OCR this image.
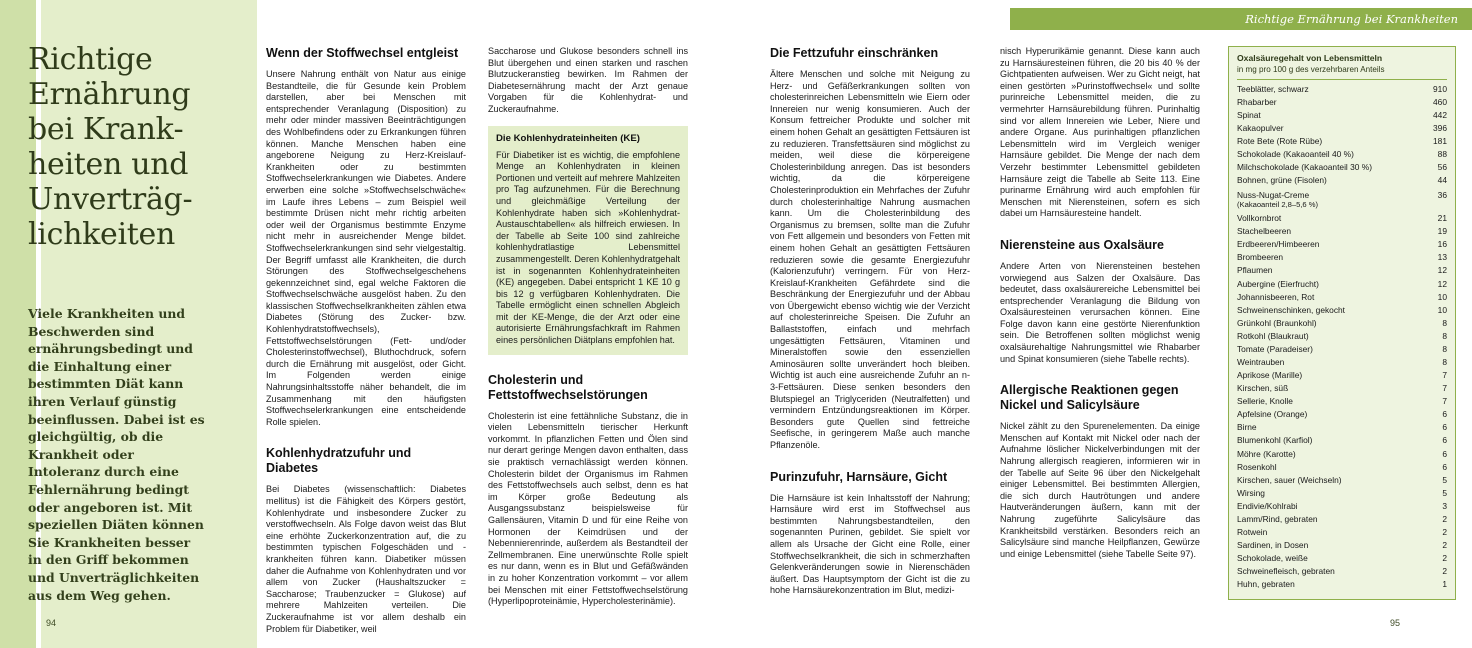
Richtige Ernährung bei Krankheiten
Richtige Ernährung bei Krankheiten und Unverträglichkeiten
Viele Krankheiten und Beschwerden sind ernährungsbedingt und die Einhaltung einer bestimmten Diät kann ihren Verlauf günstig beeinflussen. Dabei ist es gleichgültig, ob die Krankheit oder Intoleranz durch eine Fehlernährung bedingt oder angeboren ist. Mit speziellen Diäten können Sie Krankheiten besser in den Griff bekommen und Unverträglichkeiten aus dem Weg gehen.
94	95
Wenn der Stoffwechsel entgleist

Unsere Nahrung enthält von Natur aus einige Bestandteile, die für Gesunde kein Problem darstellen, aber bei Menschen mit entsprechender Veranlagung (Disposition) zu mehr oder minder massiven Beeinträchtigungen des Wohlbefindens oder zu Erkrankungen führen können. Manche Menschen haben eine angeborene Neigung zu Herz-Kreislauf-Krankheiten oder zu bestimmten Stoffwechselerkrankungen wie Diabetes. Andere erwerben eine solche »Stoffwechselschwäche« im Laufe ihres Lebens – zum Beispiel weil bestimmte Drüsen nicht mehr richtig arbeiten oder weil der Organismus bestimmte Enzyme nicht mehr in ausreichender Menge bildet. Stoffwechselerkrankungen sind sehr vielgestaltig. Der Begriff umfasst alle Krankheiten, die durch Störungen des Stoffwechselgeschehens gekennzeichnet sind, egal welche Faktoren die Stoffwechselschwäche ausgelöst haben. Zu den klassischen Stoffwechselkrankheiten zählen etwa Diabetes (Störung des Zucker- bzw. Kohlenhydratstoffwechsels), Fettstoffwechselstörungen (Fett- und/oder Cholesterinstoffwechsel), Bluthochdruck, sofern durch die Ernährung mit ausgelöst, oder Gicht. Im Folgenden werden einige Nahrungsinhaltsstoffe näher behandelt, die im Zusammenhang mit den häufigsten Stoffwechselerkrankungen eine entscheidende Rolle spielen.

Kohlenhydratzufuhr und Diabetes

Bei Diabetes (wissenschaftlich: Diabetes mellitus) ist die Fähigkeit des Körpers gestört, Kohlenhydrate und insbesondere Zucker zu verstoffwechseln. Als Folge davon weist das Blut eine erhöhte Zuckerkonzentration auf, die zu bestimmten typischen Folgeschäden und -krankheiten führen kann. Diabetiker müssen daher die Aufnahme von Kohlenhydraten und vor allem von Zucker (Haushaltszucker = Saccharose; Traubenzucker = Glukose) auf mehrere Mahlzeiten verteilen. Die Zuckeraufnahme ist vor allem deshalb ein Problem für Diabetiker, weil

Saccharose und Glukose besonders schnell ins Blut übergehen und einen starken und raschen Blutzuckeranstieg bewirken. Im Rahmen der Diabetesernährung macht der Arzt genaue Vorgaben für die Kohlenhydrat- und Zuckeraufnahme.

Die Kohlenhydrateinheiten (KE)

Für Diabetiker ist es wichtig, die empfohlene Menge an Kohlenhydraten in kleinen Portionen und verteilt auf mehrere Mahlzeiten pro Tag aufzunehmen. Für die Berechnung und gleichmäßige Verteilung der Kohlenhydrate haben sich »Kohlenhydrat-Austauschtabellen« als hilfreich erwiesen. In der Tabelle ab Seite 100 sind zahlreiche kohlenhydratlastige Lebensmittel zusammengestellt. Deren Kohlenhydratgehalt ist in sogenannten Kohlenhydrateinheiten (KE) angegeben. Dabei entspricht 1 KE 10 g bis 12 g verfügbaren Kohlenhydraten. Die Tabelle ermöglicht einen schnellen Abgleich mit der KE-Menge, die der Arzt oder eine autorisierte Ernährungsfachkraft im Rahmen eines persönlichen Diätplans empfohlen hat.

Cholesterin und Fettstoffwechselstörungen

Cholesterin ist eine fettähnliche Substanz, die in vielen Lebensmitteln tierischer Herkunft vorkommt. In pflanzlichen Fetten und Ölen sind nur derart geringe Mengen davon enthalten, dass sie praktisch vernachlässigt werden können. Cholesterin bildet der Organismus im Rahmen des Fettstoffwechsels auch selbst, denn es hat im Körper große Bedeutung als Ausgangssubstanz beispielsweise für Gallensäuren, Vitamin D und für eine Reihe von Hormonen der Keimdrüsen und der Nebennierenrinde, außerdem als Bestandteil der Zellmembranen. Eine unerwünschte Rolle spielt es nur dann, wenn es in Blut und Gefäßwänden in zu hoher Konzentration vorkommt – vor allem bei Menschen mit einer Fettstoffwechselstörung (Hyperlipoproteinämie, Hypercholesterinämie).

Die Fettzufuhr einschränken

Ältere Menschen und solche mit Neigung zu Herz- und Gefäßerkrankungen sollten von cholesterinreichen Lebensmitteln wie Eiern oder Innereien nur wenig konsumieren. Auch der Konsum fettreicher Produkte und solcher mit einem hohen Gehalt an gesättigten Fettsäuren ist zu reduzieren. Transfettsäuren sind möglichst zu meiden, weil diese die körpereigene Cholesterinbildung anregen. Das ist besonders wichtig, da die körpereigene Cholesterinproduktion ein Mehrfaches der Zufuhr durch cholesterinhaltige Nahrung ausmachen kann. Um die Cholesterinbildung des Organismus zu bremsen, sollte man die Zufuhr von Fett allgemein und besonders von Fetten mit einem hohen Gehalt an gesättigten Fettsäuren reduzieren sowie die gesamte Energiezufuhr (Kalorienzufuhr) verringern. Für von Herz-Kreislauf-Krankheiten Gefährdete sind die Beschränkung der Energiezufuhr und der Abbau von Übergewicht ebenso wichtig wie der Verzicht auf cholesterinreiche Speisen. Die Zufuhr an Ballaststoffen, einfach und mehrfach ungesättigten Fettsäuren, Vitaminen und Mineralstoffen sowie den essenziellen Aminosäuren sollte unverändert hoch bleiben. Wichtig ist auch eine ausreichende Zufuhr an n-3-Fettsäuren. Diese senken besonders den Blutspiegel an Triglyceriden (Neutralfetten) und vermindern Entzündungsreaktionen im Körper. Besonders gute Quellen sind fettreiche Seefische, in geringerem Maße auch manche Pflanzenöle.

Purinzufuhr, Harnsäure, Gicht

Die Harnsäure ist kein Inhaltsstoff der Nahrung; Harnsäure wird erst im Stoffwechsel aus bestimmten Nahrungsbestandteilen, den sogenannten Purinen, gebildet. Sie spielt vor allem als Ursache der Gicht eine Rolle, einer Stoffwechselkrankheit, die sich in schmerzhaften Gelenkveränderungen sowie in Nierenschäden äußert. Das Hauptsymptom der Gicht ist die zu hohe Harnsäurekonzentration im Blut, medizi-

nisch Hyperurikämie genannt. Diese kann auch zu Harnsäuresteinen führen, die 20 bis 40 % der Gichtpatienten aufweisen. Wer zu Gicht neigt, hat einen gestörten »Purinstoffwechsel« und sollte purinreiche Lebensmittel meiden, die zu vermehrter Harnsäurebildung führen. Purinhaltig sind vor allem Innereien wie Leber, Niere und andere Organe. Aus purinhaltigen pflanzlichen Lebensmitteln wird im Vergleich weniger Harnsäure gebildet. Die Menge der nach dem Verzehr bestimmter Lebensmittel gebildeten Harnsäure zeigt die Tabelle ab Seite 113. Eine purinarme Ernährung wird auch empfohlen für Menschen mit Nierensteinen, sofern es sich dabei um Harnsäuresteine handelt.

Nierensteine aus Oxalsäure

Andere Arten von Nierensteinen bestehen vorwiegend aus Salzen der Oxalsäure. Das bedeutet, dass oxalsäurereiche Lebensmittel bei entsprechender Veranlagung die Bildung von Oxalsäuresteinen verursachen können. Eine Folge davon kann eine gestörte Nierenfunktion sein. Die Betroffenen sollten möglichst wenig oxalsäurehaltige Nahrungsmittel wie Rhabarber und Spinat konsumieren (siehe Tabelle rechts).

Allergische Reaktionen gegen Nickel und Salicylsäure

Nickel zählt zu den Spurenelementen. Da einige Menschen auf Kontakt mit Nickel oder nach der Aufnahme löslicher Nickelverbindungen mit der Nahrung allergisch reagieren, informieren wir in der Tabelle auf Seite 96 über den Nickelgehalt einiger Lebensmittel. Bei bestimmten Allergien, die sich durch Hautrötungen und andere Hautveränderungen äußern, kann mit der Nahrung zugeführte Salicylsäure das Krankheitsbild verstärken. Besonders reich an Salicylsäure sind manche Heilpflanzen, Gewürze und einige Lebensmittel (siehe Tabelle Seite 97).

Oxalsäuregehalt von Lebensmitteln
in mg pro 100 g des verzehrbaren Anteils
Teeblätter, schwarz	910
Rhabarber	460
Spinat	442
Kakaopulver	396
Rote Bete (Rote Rübe)	181
Schokolade (Kakaoanteil 40 %)	88
Milchschokolade (Kakaoanteil 30 %)	56
Bohnen, grüne (Fisolen)	44
Nuss-Nugat-Creme
(Kakaoanteil 2,8–5,6 %)	36
Vollkornbrot	21
Stachelbeeren	19
Erdbeeren/Himbeeren	16
Brombeeren	13
Pflaumen	12
Aubergine (Eierfrucht)	12
Johannisbeeren, Rot	10
Schweinenschinken, gekocht	10
Grünkohl (Braunkohl)	8
Rotkohl (Blaukraut)	8
Tomate (Paradeiser)	8
Weintrauben	8
Aprikose (Marille)	7
Kirschen, süß	7
Sellerie, Knolle	7
Apfelsine (Orange)	6
Birne	6
Blumenkohl (Karfiol)	6
Möhre (Karotte)	6
Rosenkohl	6
Kirschen, sauer (Weichseln)	5
Wirsing	5
Endivie/Kohlrabi	3
Lamm/Rind, gebraten	2
Rotwein	2
Sardinen, in Dosen	2
Schokolade, weiße	2
Schweinefleisch, gebraten	2
Huhn, gebraten	1
